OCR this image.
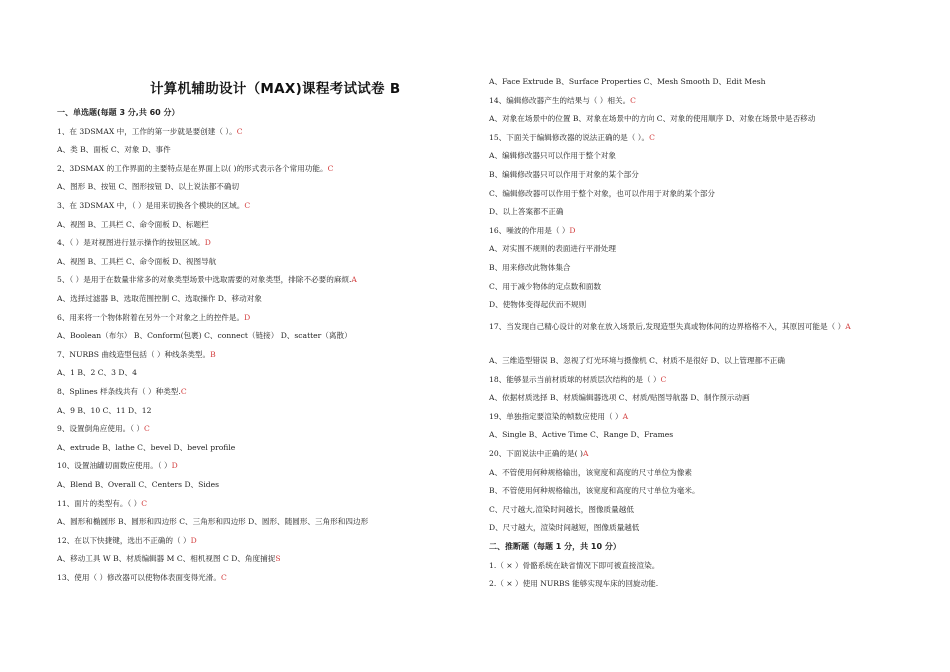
计算机辅助设计（MAX)课程考试试卷 B
一、单选题(每题 3 分,共 60 分）
1、在 3DSMAX 中，工作的第一步就是要创建（ ）。C
A、类 B、面板 C、对象 D、事件
2、3DSMAX 的工作界面的主要特点是在界面上以( )的形式表示各个常用功能。C
A、图形 B、按钮 C、图形按钮 D、以上说法都不确切
3、在 3DSMAX 中，（ ）是用来切换各个模块的区域。C
A、视图 B、工具栏 C、命令面板 D、标题栏
4、（ ）是对视图进行显示操作的按钮区域。D
A、视图 B、工具栏 C、命令面板 D、视图导航
5、（ ）是用于在数量非常多的对象类型场景中选取需要的对象类型，排除不必要的麻烦.A
A、选择过滤器 B、选取范围控制 C、选取操作 D、移动对象
6、用来将一个物体附着在另外一个对象之上的控件是。D
A、Boolean（布尔） B、Conform(包裹) C、connect（链接） D、scatter（离散）
7、NURBS 曲线造型包括（ ）种线条类型。B
A、1 B、2 C、3 D、4
8、Splines 样条线共有（ ）种类型.C
A、9 B、10 C、11 D、12
9、设置倒角应使用。（ ）C
A、extrude B、lathe C、bevel D、bevel profile
10、设置油罐切面数应使用。（ ）D
A、Blend B、Overall C、Centers D、Sides
11、面片的类型有。（ ）C
A、圆形和椭圆形 B、圆形和四边形 C、三角形和四边形 D、圆形、随圆形、三角形和四边形
12、在以下快捷键，选出不正确的（ ）D
A、移动工具 W B、材质编辑器 M C、相机视图 C D、角度捕捉S
13、使用（ ）修改器可以使物体表面变得光滑。C
A、Face Extrude B、Surface Properties C、Mesh Smooth D、Edit Mesh
14、编辑修改器产生的结果与（ ）相关。C
A、对象在场景中的位置 B、对象在场景中的方向 C、对象的使用顺序 D、对象在场景中是否移动
15、下面关于编辑修改器的说法正确的是（ ）。C
A、编辑修改器只可以作用于整个对象
B、编辑修改器只可以作用于对象的某个部分
C、编辑修改器可以作用于整个对象，也可以作用于对象的某个部分
D、以上答案都不正确
16、噪波的作用是（ ）D
A、对实围不规则的表面进行平滑处理
B、用来修改此物体集合
C、用于减少物体的定点数和面数
D、使物体变得起伏而不规则
17、当发现自己精心设计的对象在放入场景后,发现造型失真或物体间的边界格格不入，其原因可能是（ ）A
A、三维造型错误 B、忽视了灯光环境与摄像机 C、材质不是很好 D、以上管理都不正确
18、能够显示当前材质球的材质层次结构的是（ ）C
A、依据材质选择 B、材质编辑器选项 C、材质/贴图导航器 D、制作预示动画
19、单独指定要渲染的帧数应使用（ ）A
A、Single B、Active Time C、Range D、Frames
20、下面说法中正确的是( )A
A、不管使用何种规格输出，该宽度和高度的尺寸单位为像素
B、不管使用何种规格输出，该宽度和高度的尺寸单位为毫米。
C、尺寸越大,渲染时间越长，图像质量越低
D、尺寸越大，渲染时间越短，图像质量越低
二、推断题（每题 1 分，共 10 分）
1.（ × ）骨骼系统在缺省情况下即可被直接渲染。
2.（ × ）使用 NURBS 能够实现车床的回旋动能.
